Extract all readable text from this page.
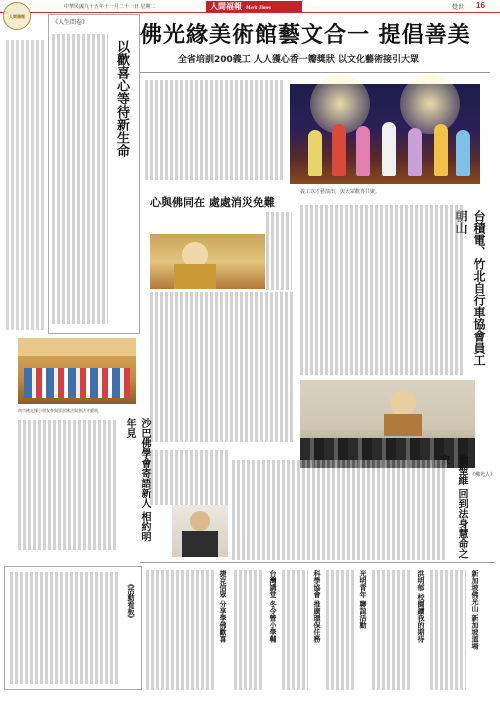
中華民國九十五年十一月二十一日 星期二	人間福報 Merit Times	覺世 16
人間福報
佛光緣美術館藝文合一 提倡善美
全省培訓200義工 人人獲心香一瓣獎狀 以文化藝術接引大眾
義工以才藝演出，與大眾歡喜共聚。
《人生問卷》
以歡喜心等待新生命
南市佛光緣小朋友參與學習佛法與書法才藝展。
心與佛同在 處處消災免難
台積電、竹北自行車協會員工朝山
沙巴佛學會寄語新人 相約明年見
《佛光人》
翁聖維 回到法身慧命之家
新加坡佛光山 新加坡道場
洪明郁 校園讀我的期待
光明青年 聯誼活動
科學協會 推廣環保任務
台灣講堂 冬令營小學輔
捷克信眾 分享學佛歡喜
《活動看板》
